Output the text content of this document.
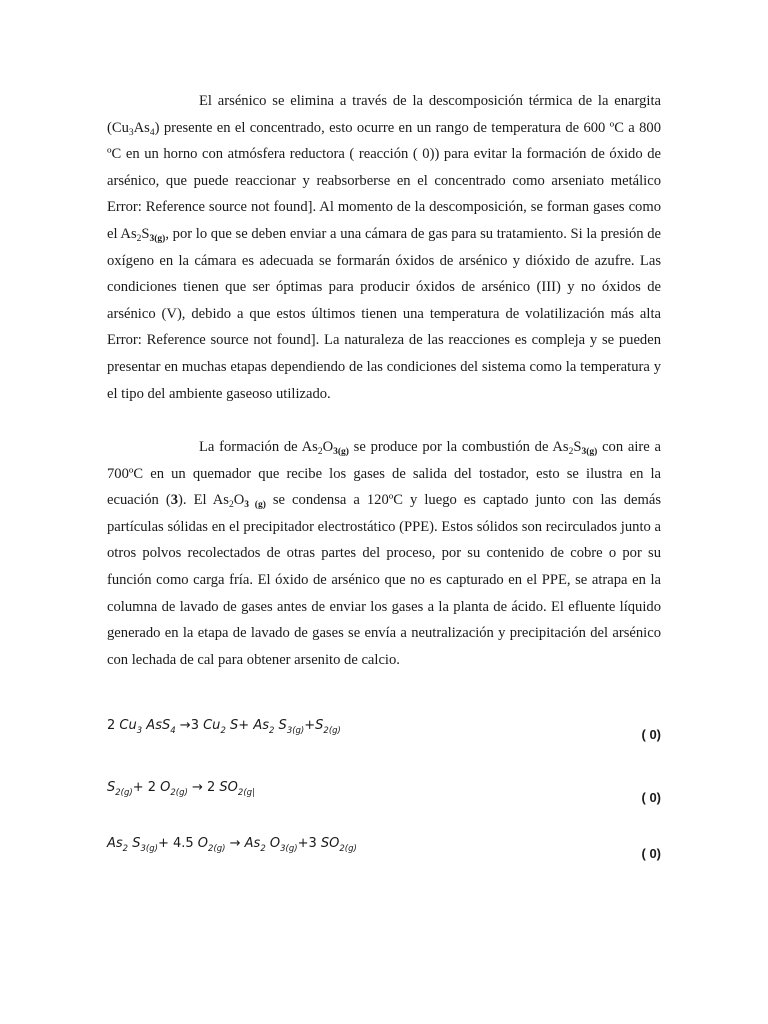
El arsénico se elimina a través de la descomposición térmica de la enargita $(Cu_3As_4)$ presente en el concentrado, esto ocurre en un rango de temperatura de 600 ºC a 800 ºC en un horno con atmósfera reductora ( reacción ( 0)) para evitar la formación de óxido de arsénico, que puede reaccionar y reabsorberse en el concentrado como arseniato metálico Error: Reference source not found]. Al momento de la descomposición, se forman gases como el $As_2S_{3(g)}$, por lo que se deben enviar a una cámara de gas para su tratamiento. Si la presión de oxígeno en la cámara es adecuada se formarán óxidos de arsénico y dióxido de azufre. Las condiciones tienen que ser óptimas para producir óxidos de arsénico (III) y no óxidos de arsénico (V), debido a que estos últimos tienen una temperatura de volatilización más alta Error: Reference source not found]. La naturaleza de las reacciones es compleja y se pueden presentar en muchas etapas dependiendo de las condiciones del sistema como la temperatura y el tipo del ambiente gaseoso utilizado.

La formación de $As_2O_{3(g)}$ se produce por la combustión de $As_2S_{3(g)}$ con aire a 700ºC en un quemador que recibe los gases de salida del tostador, esto se ilustra en la ecuación (3). El $As_2O_{3 (g)}$ se condensa a 120ºC y luego es captado junto con las demás partículas sólidas en el precipitador electrostático (PPE). Estos sólidos son recirculados junto a otros polvos recolectados de otras partes del proceso, por su contenido de cobre o por su función como carga fría. El óxido de arsénico que no es capturado en el PPE, se atrapa en la columna de lavado de gases antes de enviar los gases a la planta de ácido. El efluente líquido generado en la etapa de lavado de gases se envía a neutralización y precipitación del arsénico con lechada de cal para obtener arsenito de calcio.

2 $Cu_3$ AsS$_4$ →3 $Cu_2$ $S+ As_2$ $S_{3(g)}+S_{2(g)}$	( 0)
$S_{2(g)}+ 2$ $O_{2(g)} \to 2$ $SO_{2(g|}$	( 0)
$As_2$ $S_{3(g)}+ 4.5$ $O_{2(g)} \to As_2$ $O_{3(g)}+3$ $SO_{2(g)}$	( 0)
